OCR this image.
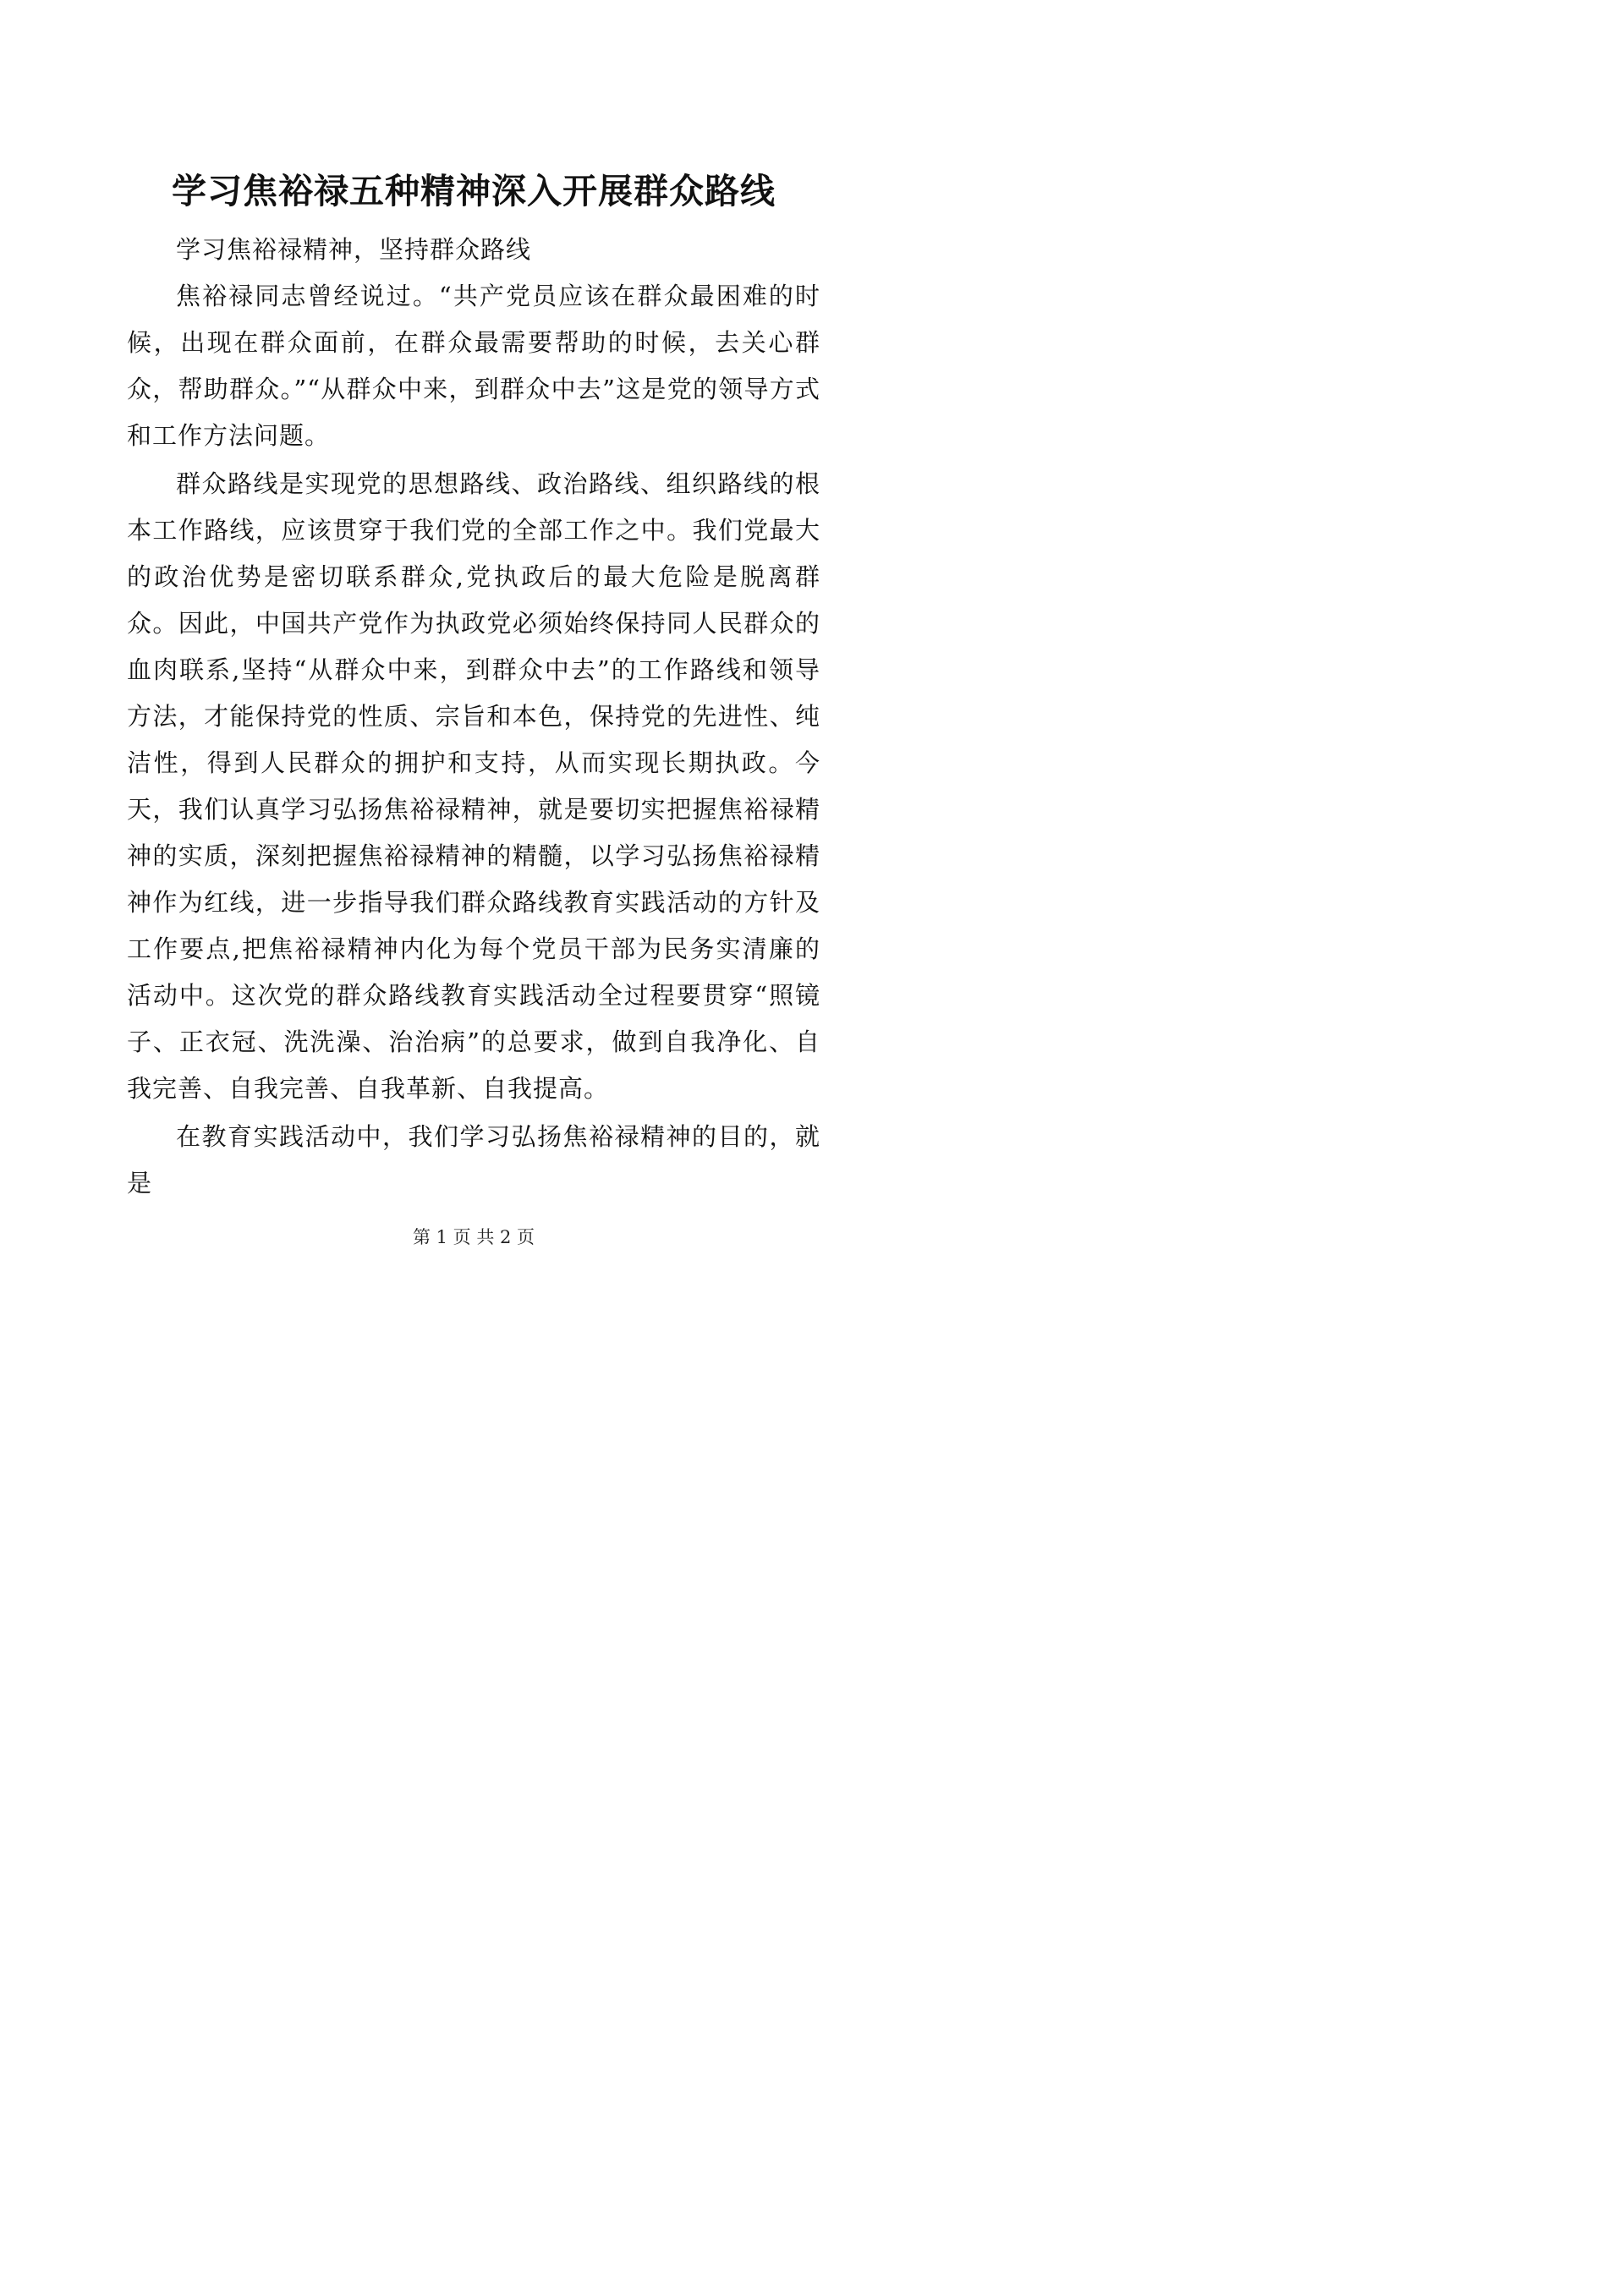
学习焦裕禄五种精神深入开展群众路线

学习焦裕禄精神，坚持群众路线

焦裕禄同志曾经说过。“共产党员应该在群众最困难的时候，出现在群众面前，在群众最需要帮助的时候，去关心群众，帮助群众。”“从群众中来，到群众中去”这是党的领导方式和工作方法问题。

群众路线是实现党的思想路线、政治路线、组织路线的根本工作路线，应该贯穿于我们党的全部工作之中。我们党最大的政治优势是密切联系群众,党执政后的最大危险是脱离群众。因此，中国共产党作为执政党必须始终保持同人民群众的血肉联系,坚持“从群众中来，到群众中去”的工作路线和领导方法，才能保持党的性质、宗旨和本色，保持党的先进性、纯洁性，得到人民群众的拥护和支持，从而实现长期执政。今天，我们认真学习弘扬焦裕禄精神，就是要切实把握焦裕禄精神的实质，深刻把握焦裕禄精神的精髓，以学习弘扬焦裕禄精神作为红线，进一步指导我们群众路线教育实践活动的方针及工作要点,把焦裕禄精神内化为每个党员干部为民务实清廉的活动中。这次党的群众路线教育实践活动全过程要贯穿“照镜子、正衣冠、洗洗澡、治治病”的总要求，做到自我净化、自我完善、自我完善、自我革新、自我提高。

在教育实践活动中，我们学习弘扬焦裕禄精神的目的，就是

第 1 页 共 2 页
